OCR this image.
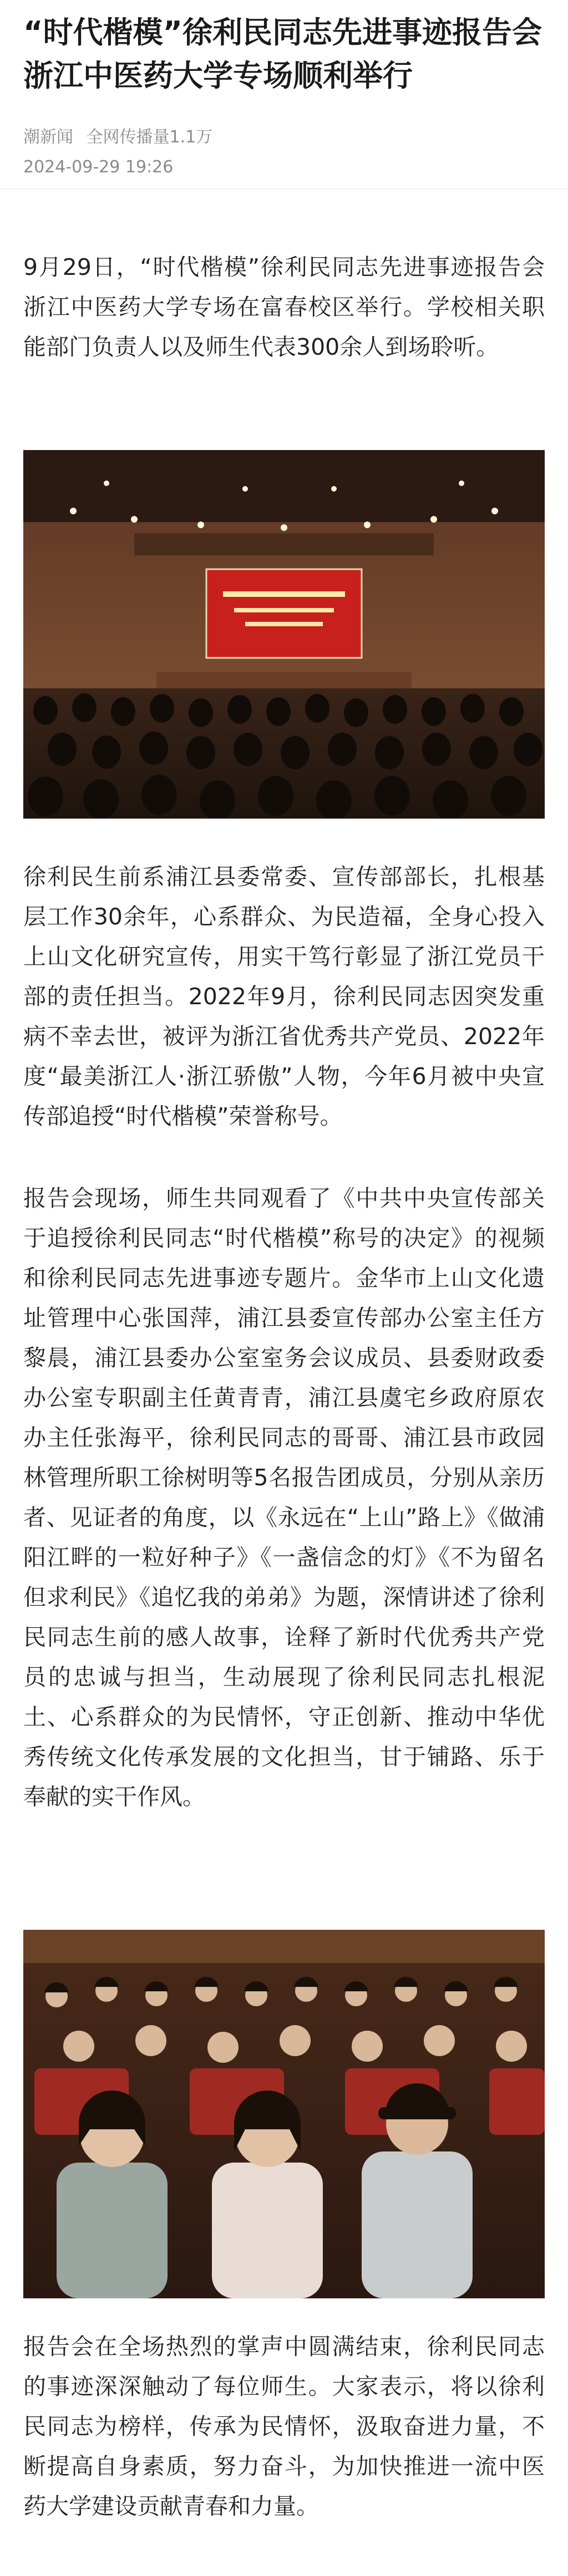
“时代楷模”徐利民同志先进事迹报告会浙江中医药大学专场顺利举行
潮新闻 全网传播量1.1万
2024-09-29 19:26

9月29日，“时代楷模”徐利民同志先进事迹报告会浙江中医药大学专场在富春校区举行。学校相关职能部门负责人以及师生代表300余人到场聆听。

徐利民生前系浦江县委常委、宣传部部长，扎根基层工作30余年，心系群众、为民造福，全身心投入上山文化研究宣传，用实干笃行彰显了浙江党员干部的责任担当。2022年9月，徐利民同志因突发重病不幸去世，被评为浙江省优秀共产党员、2022年度“最美浙江人·浙江骄傲”人物，今年6月被中央宣传部追授“时代楷模”荣誉称号。

报告会现场，师生共同观看了《中共中央宣传部关于追授徐利民同志“时代楷模”称号的决定》的视频和徐利民同志先进事迹专题片。金华市上山文化遗址管理中心张国萍，浦江县委宣传部办公室主任方黎晨，浦江县委办公室室务会议成员、县委财政委办公室专职副主任黄青青，浦江县虞宅乡政府原农办主任张海平，徐利民同志的哥哥、浦江县市政园林管理所职工徐树明等5名报告团成员，分别从亲历者、见证者的角度，以《永远在“上山”路上》《做浦阳江畔的一粒好种子》《一盏信念的灯》《不为留名 但求利民》《追忆我的弟弟》为题，深情讲述了徐利民同志生前的感人故事，诠释了新时代优秀共产党员的忠诚与担当，生动展现了徐利民同志扎根泥土、心系群众的为民情怀，守正创新、推动中华优秀传统文化传承发展的文化担当，甘于铺路、乐于奉献的实干作风。

报告会在全场热烈的掌声中圆满结束，徐利民同志的事迹深深触动了每位师生。大家表示，将以徐利民同志为榜样，传承为民情怀，汲取奋进力量，不断提高自身素质，努力奋斗，为加快推进一流中医药大学建设贡献青春和力量。
